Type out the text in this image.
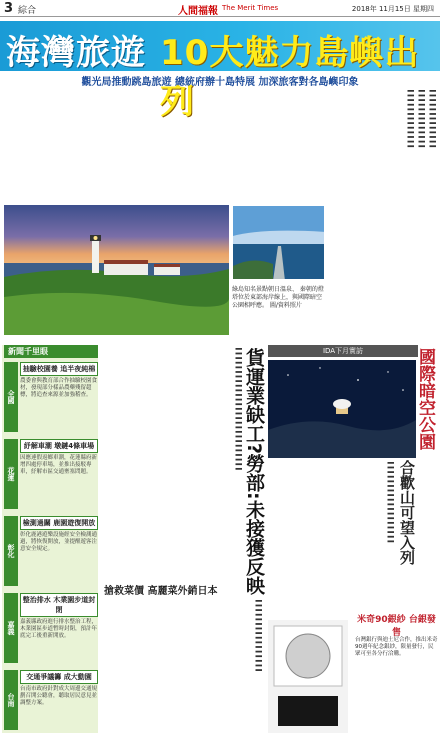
3 綜合	人間福報 The Merit Times	2018年 11月15日 星期四
海灣旅遊 10大魅力島嶼出列
觀光局推動跳島旅遊 總統府辦十島特展 加深旅客對各島嶼印象
▍▍▍▍▍▍▍▍▍▍▍▍▍
▍▍▍▍▍▍▍▍▍▍▍▍▍
▍▍▍▍▍▍▍▍▍▍▍▍▍
綠島知名景點朝日溫泉、 秦朝的燈塔位於東部海岸線上，與國際暗空公園相呼應。 圖/資料照片
新聞千里眼
全國
抽驗校園養 追半夜純棉
農委會與教育部合作抽驗校園食材，發現部分樣品農藥殘留超標，將追查來源並加強稽查。
花蓮
紓解車潮 墩鏈4條車場
因應連假返鄉車潮，花蓮縣府新增四處停車場，並推出接駁專車，紓解市區交通壅塞問題。
彰化
檢測過關 鹿園遊復開放
彰化鹿港遊樂設施經安全檢測通過，將恢復開放，並提醒遊客注意安全規定。
嘉義
整治排水 木業園步道封閉
嘉義縣政府進行排水整治工程，木業園區步道暫時封閉，預計年底完工後重新開放。
台南
交通爭議籌 成大動園
台南市政府針對成大周邊交通規劃召開公聽會，聽取居民意見並調整方案。
▍▍▍▍▍▍▍▍▍▍▍▍▍▍▍▍▍▍▍▍▍▍▍▍▍▍▍ 貨運業缺工?勞部:未接獲反映
搶救菜價 高麗菜外銷日本
▍▍▍▍▍▍▍▍▍▍▍▍▍▍▍▍
IDA下月實訪	國際暗空公園
合歡山可望入列
▍▍▍▍▍▍▍▍▍▍▍▍▍▍▍▍▍▍
米奇90銀紗 台銀發售
台灣銀行與迪士尼合作，推出米奇90週年紀念銀紗，限量發行，民眾可至各分行洽購。
